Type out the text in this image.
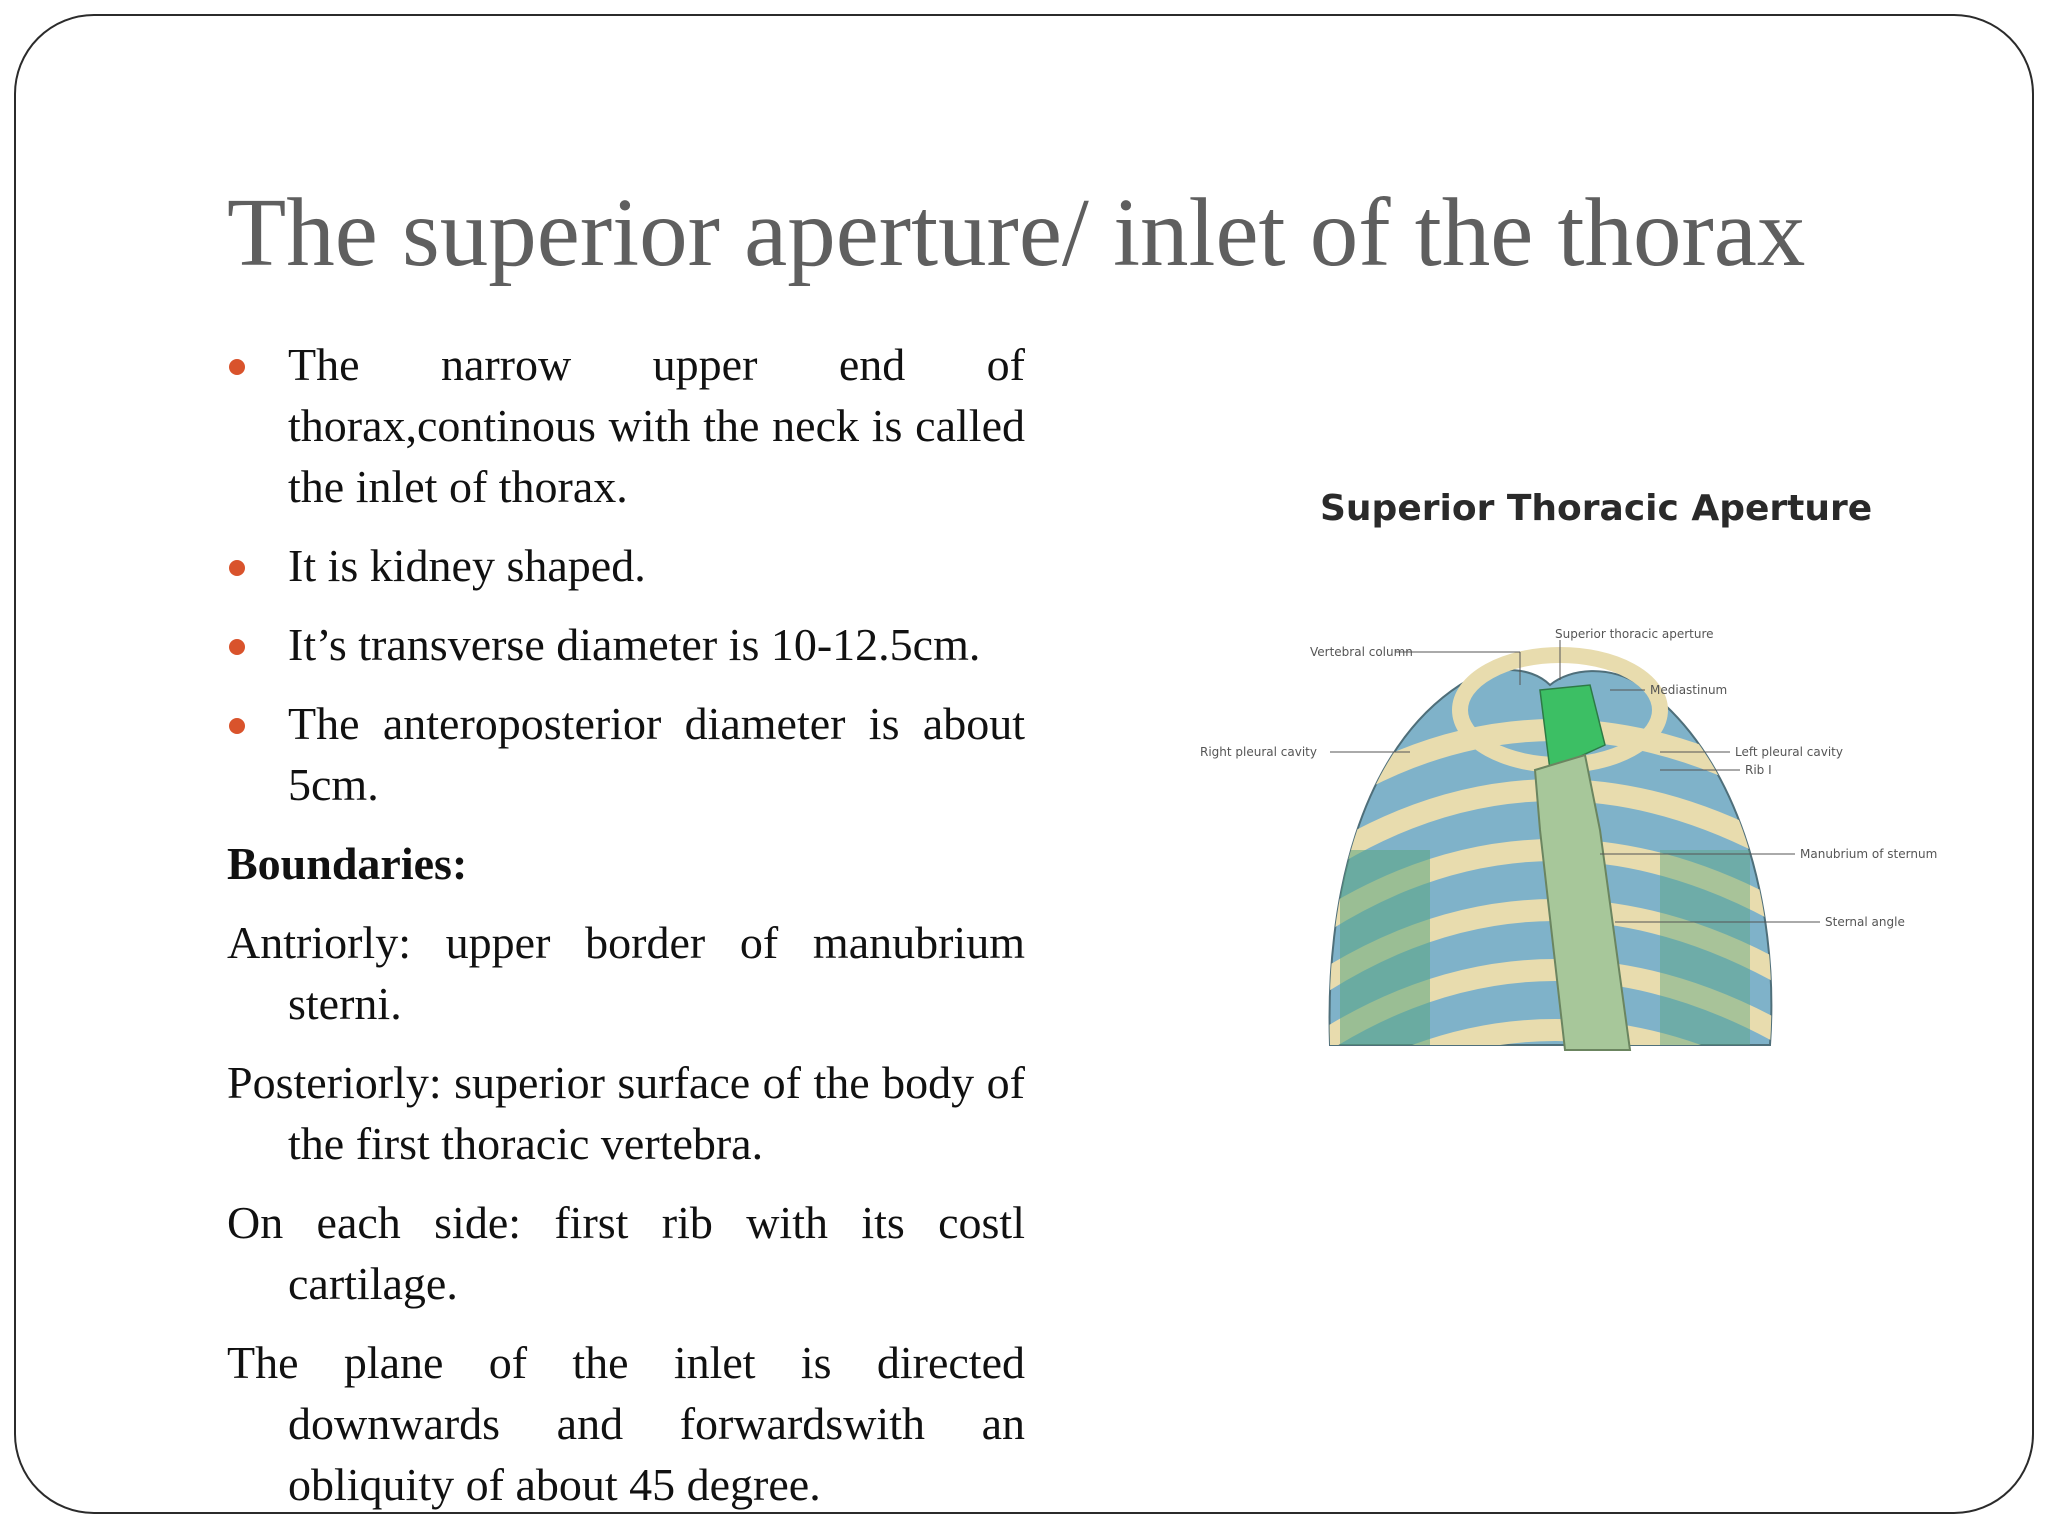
The superior aperture/ inlet of the thorax
The narrow upper end of thorax,continous with the neck is called the inlet of thorax.
It is kidney shaped.
It’s transverse diameter is 10-12.5cm.
The anteroposterior diameter is about 5cm.
Boundaries:

Antriorly: upper border of manubrium sterni.

Posteriorly: superior surface of the body of the first thoracic vertebra.

On each side: first rib with its costl cartilage.

The plane of the inlet is directed downwards and forwardswith an obliquity of about 45 degree.

Vertebral column
Superior thoracic aperture
Mediastinum
Right pleural cavity	Left pleural cavity
Rib I
Manubrium of sternum
Sternal angle
Superior Thoracic Aperture
